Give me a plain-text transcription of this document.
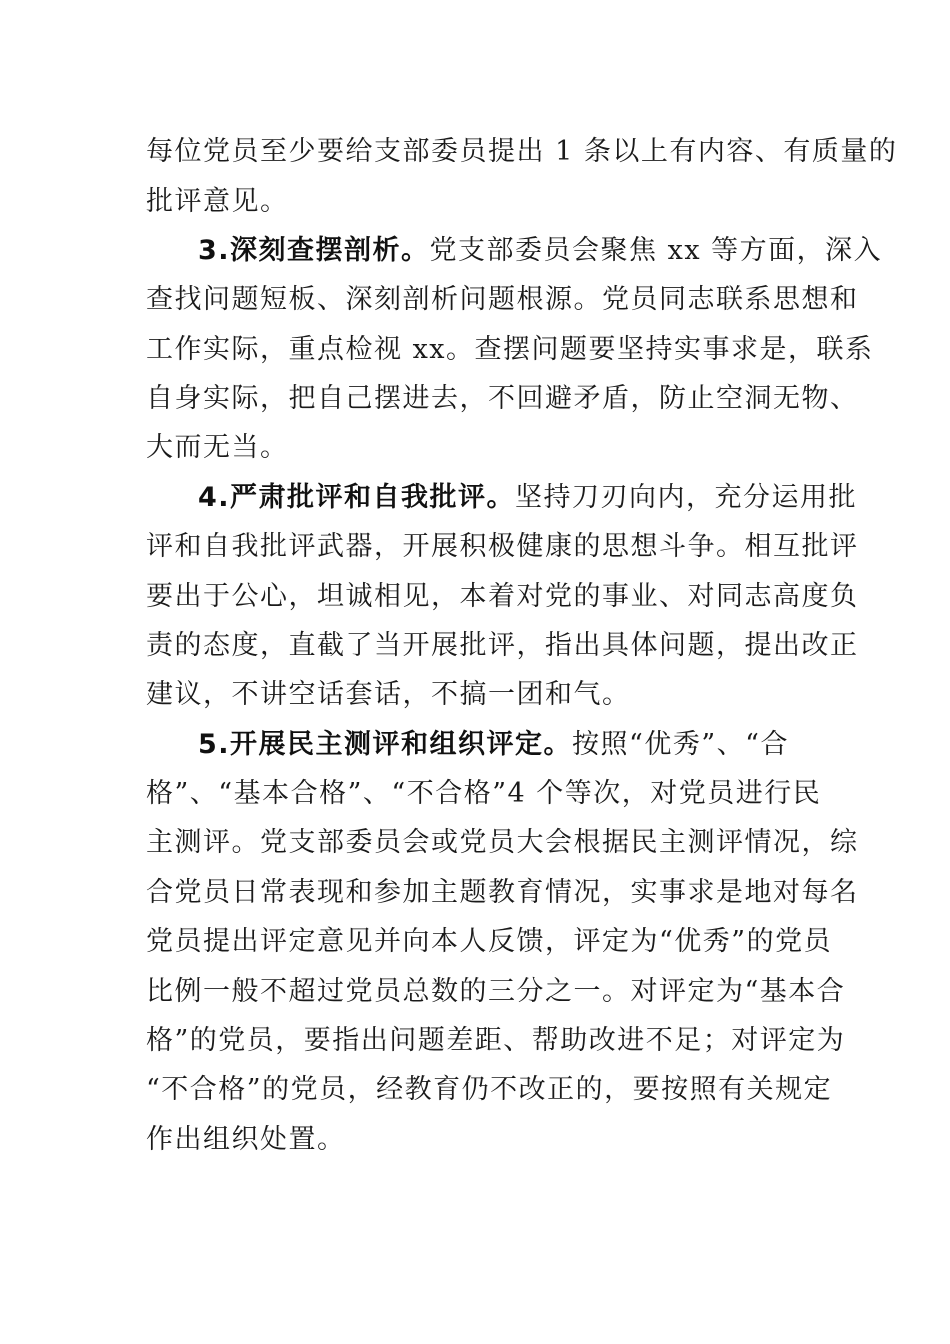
每位党员至少要给支部委员提出 1 条以上有内容、有质量的
批评意见。
3.深刻查摆剖析。党支部委员会聚焦 xx 等方面，深入
查找问题短板、深刻剖析问题根源。党员同志联系思想和
工作实际，重点检视 xx。查摆问题要坚持实事求是，联系
自身实际，把自己摆进去，不回避矛盾，防止空洞无物、
大而无当。
4.严肃批评和自我批评。坚持刀刃向内，充分运用批
评和自我批评武器，开展积极健康的思想斗争。相互批评
要出于公心，坦诚相见，本着对党的事业、对同志高度负
责的态度，直截了当开展批评，指出具体问题，提出改正
建议，不讲空话套话，不搞一团和气。
5.开展民主测评和组织评定。按照“优秀”、“合
格”、“基本合格”、“不合格”4 个等次，对党员进行民
主测评。党支部委员会或党员大会根据民主测评情况，综
合党员日常表现和参加主题教育情况，实事求是地对每名
党员提出评定意见并向本人反馈，评定为“优秀”的党员
比例一般不超过党员总数的三分之一。对评定为“基本合
格”的党员，要指出问题差距、帮助改进不足；对评定为
“不合格”的党员，经教育仍不改正的，要按照有关规定
作出组织处置。
